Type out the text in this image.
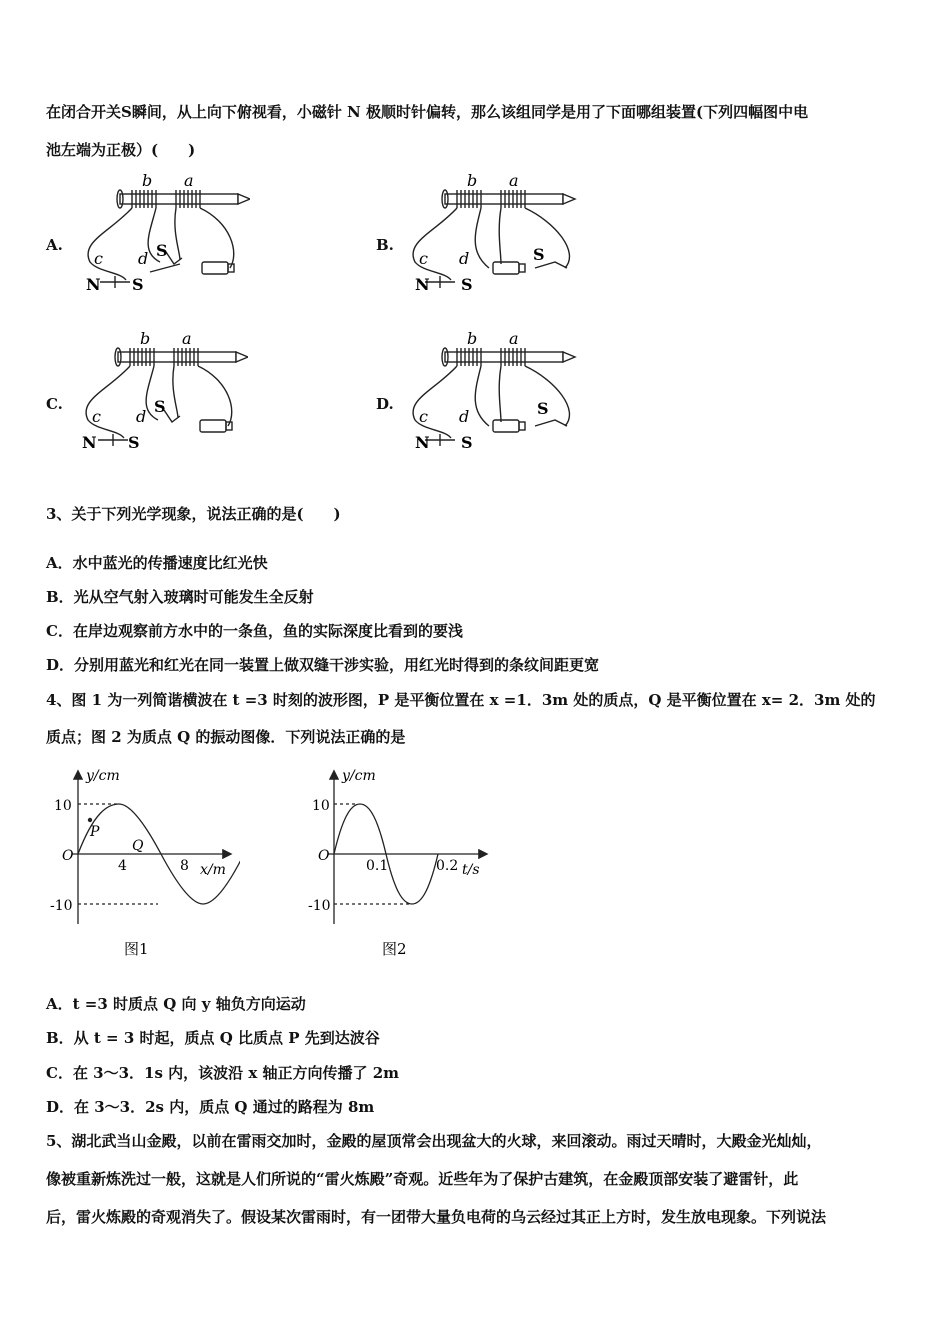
在闭合开关S瞬间，从上向下俯视看，小磁针 N 极顺时针偏转，那么该组同学是用了下面哪组装置(下列四幅图中电
池左端为正极）(　　)
A.	B.
C.	D.
b a
c d S
N S
b a
c d	S
N S
b a
c d
S
N S
b a
c d	S
N S
3、关于下列光学现象，说法正确的是(　　)
A．水中蓝光的传播速度比红光快
B．光从空气射入玻璃时可能发生全反射
C．在岸边观察前方水中的一条鱼，鱼的实际深度比看到的要浅
D．分别用蓝光和红光在同一装置上做双缝干涉实验，用红光时得到的条纹间距更宽
4、图 1 为一列简谐横波在 t =3 时刻的波形图，P 是平衡位置在 x =1．3m 处的质点，Q 是平衡位置在 x= 2．3m 处的
质点；图 2 为质点 Q 的振动图像．下列说法正确的是
10
-10
O
y/cm
x/m
4	8
P
Q
图1
10
-10
O
y/cm
t/s
0.1	0.2
图2
A．t =3 时质点 Q 向 y 轴负方向运动
B．从 t = 3 时起，质点 Q 比质点 P 先到达波谷
C．在 3～3．1s 内，该波沿 x 轴正方向传播了 2m
D．在 3～3．2s 内，质点 Q 通过的路程为 8m
5、湖北武当山金殿，以前在雷雨交加时，金殿的屋顶常会出现盆大的火球，来回滚动。雨过天晴时，大殿金光灿灿，
像被重新炼洗过一般，这就是人们所说的“雷火炼殿”奇观。近些年为了保护古建筑，在金殿顶部安装了避雷针，此
后，雷火炼殿的奇观消失了。假设某次雷雨时，有一团带大量负电荷的乌云经过其正上方时，发生放电现象。下列说法
